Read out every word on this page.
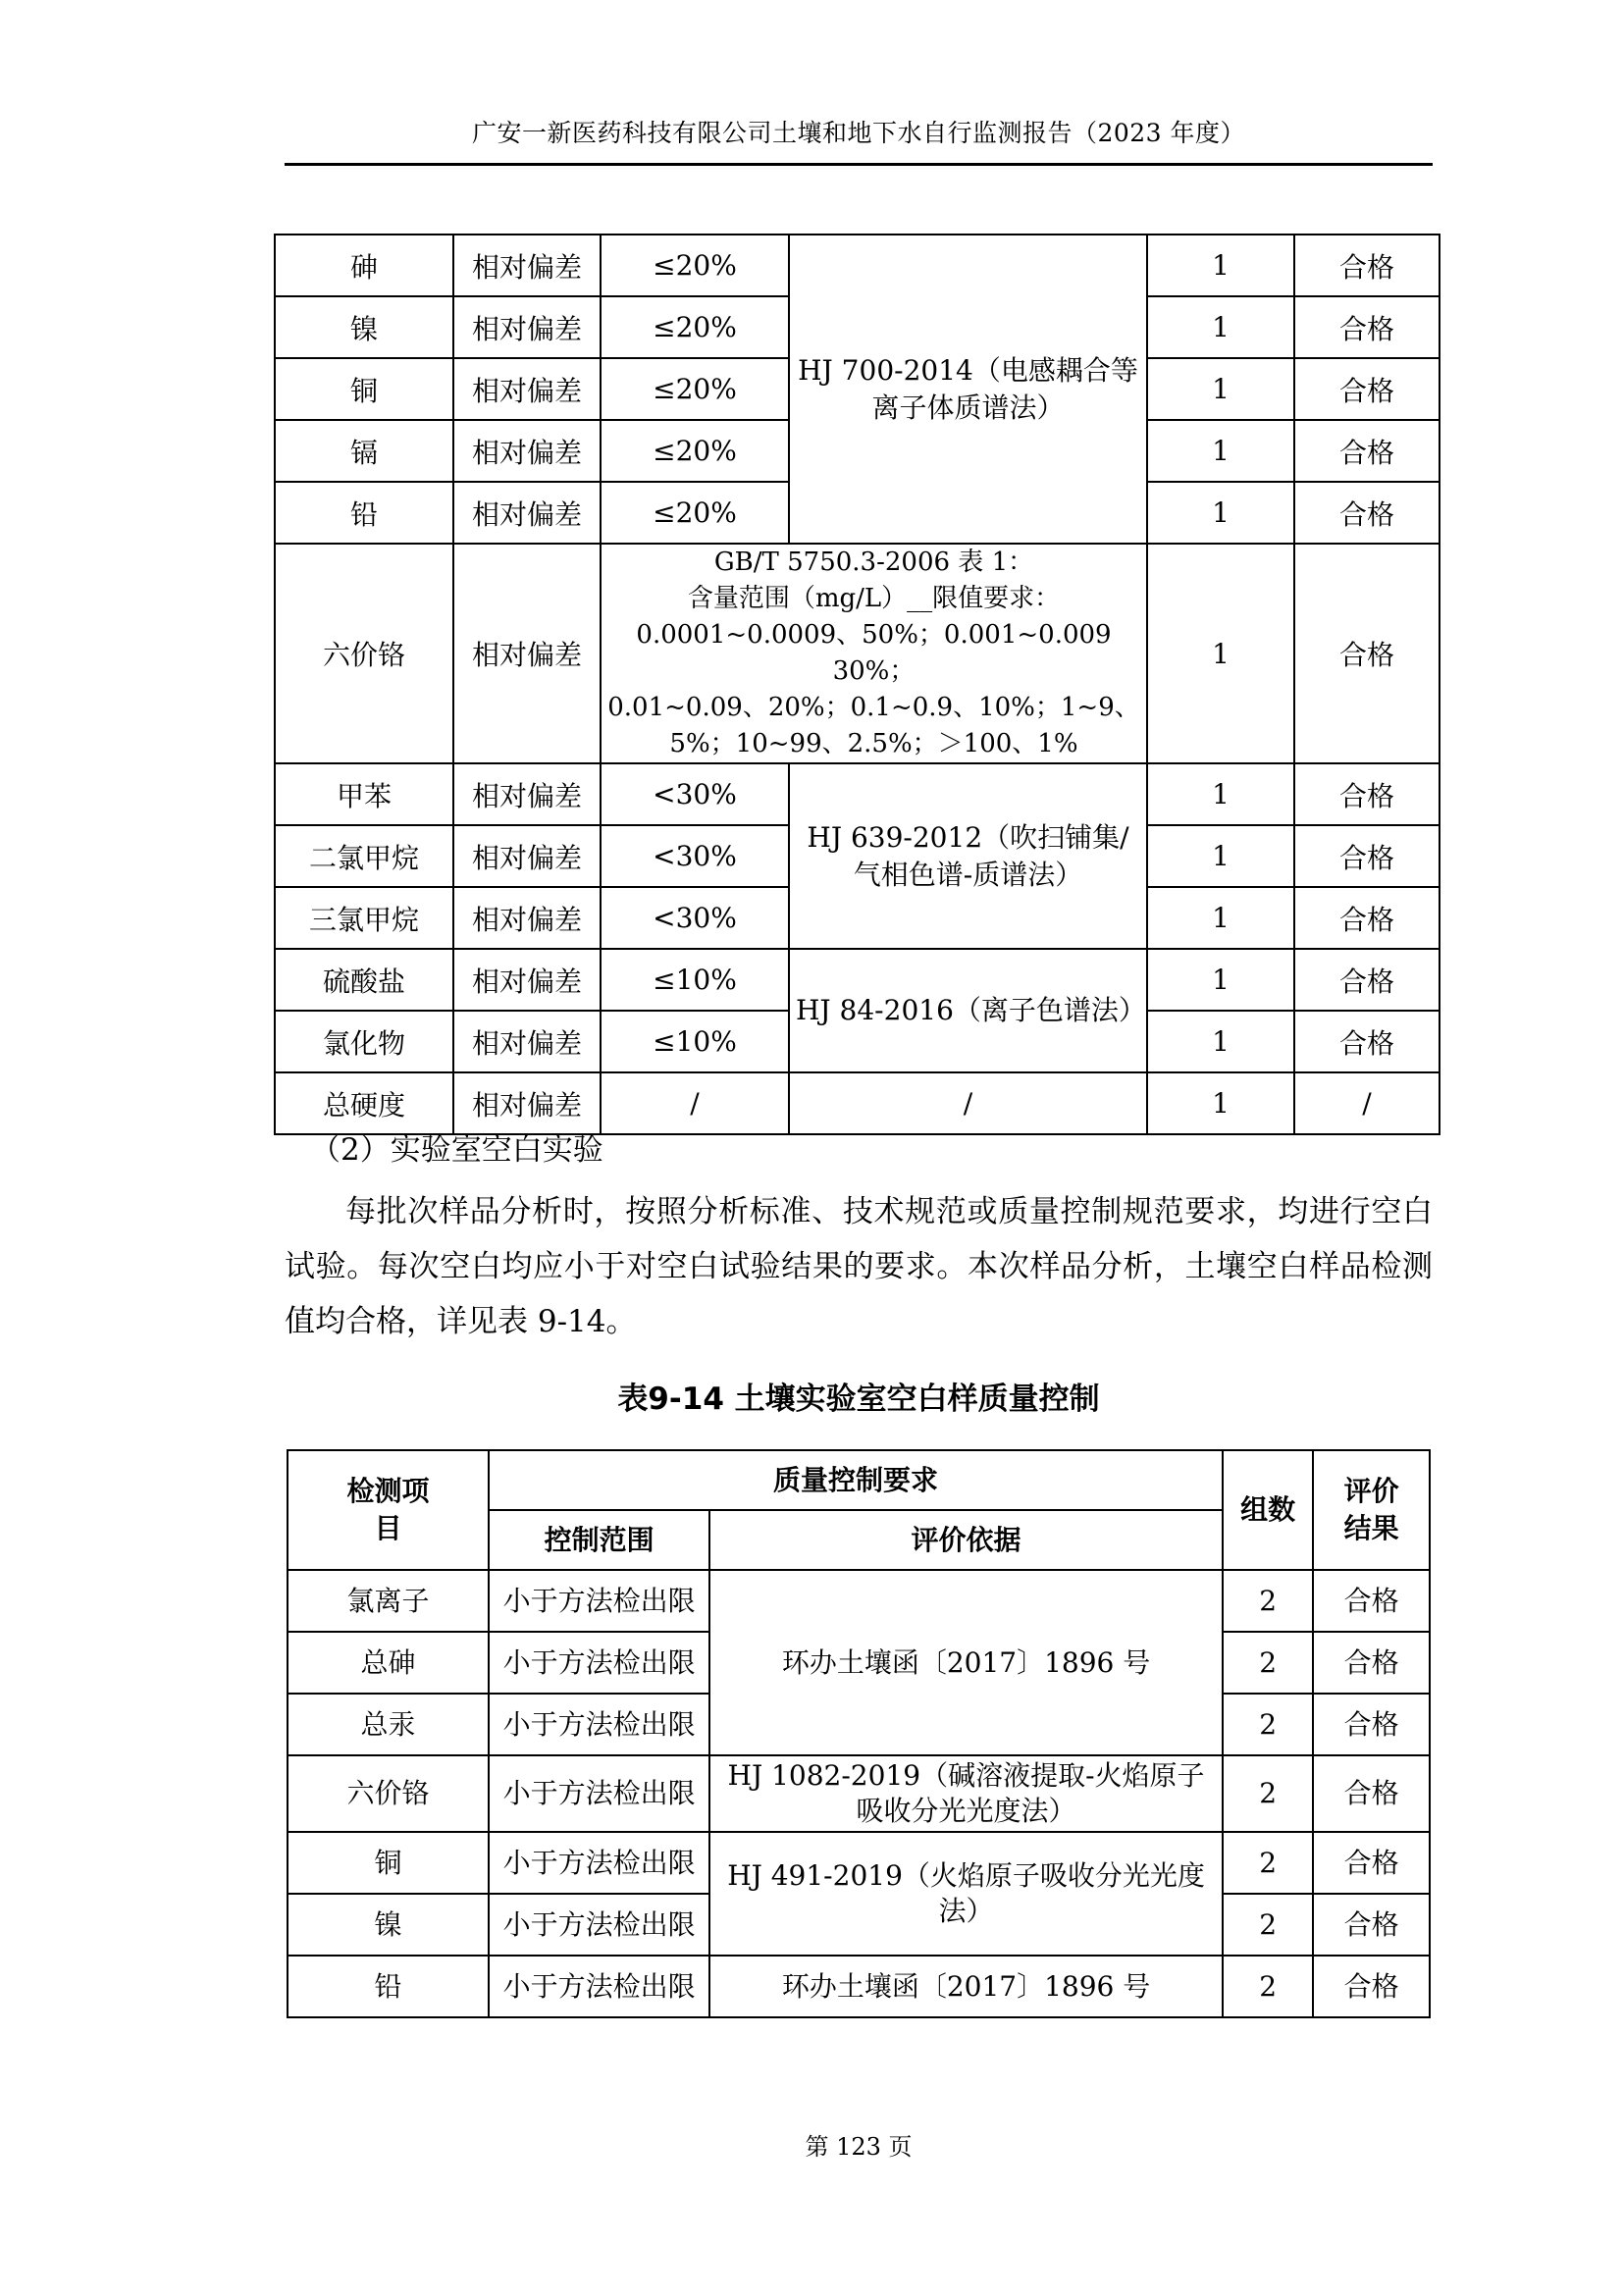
广安一新医药科技有限公司土壤和地下水自行监测报告（2023 年度）
砷	相对偏差	≤20%	HJ 700-2014（电感耦合等离子体质谱法）	1	合格
镍	相对偏差	≤20%		1	合格
铜	相对偏差	≤20%		1	合格
镉	相对偏差	≤20%		1	合格
铅	相对偏差	≤20%		1	合格
六价铬	相对偏差	GB/T 5750.3-2006 表 1：
含量范围（mg/L）__限值要求：
0.0001~0.0009、50%；0.001~0.009 30%；
0.01~0.09、20%；0.1~0.9、10%；1~9、
5%；10~99、2.5%；＞100、1%		1	合格
甲苯	相对偏差	<30%	HJ 639-2012（吹扫铺集/气相色谱-质谱法）	1	合格
二氯甲烷	相对偏差	<30%		1	合格
三氯甲烷	相对偏差	<30%		1	合格
硫酸盐	相对偏差	≤10%	HJ 84-2016（离子色谱法）	1	合格
氯化物	相对偏差	≤10%		1	合格
总硬度	相对偏差	/	/	1	/
（2）实验室空白实验
每批次样品分析时，按照分析标准、技术规范或质量控制规范要求，均进行空白试验。每次空白均应小于对空白试验结果的要求。本次样品分析，土壤空白样品检测值均合格，详见表 9-14。
表9-14 土壤实验室空白样质量控制
检测项目	质量控制要求		组数	评价结果

	控制范围	评价依据		
氯离子	小于方法检出限	环办土壤函〔2017〕1896 号	2	合格
总砷	小于方法检出限		2	合格
总汞	小于方法检出限		2	合格
六价铬	小于方法检出限	HJ 1082-2019（碱溶液提取-火焰原子吸收分光光度法）	2	合格
铜	小于方法检出限	HJ 491-2019（火焰原子吸收分光光度法）	2	合格
镍	小于方法检出限		2	合格
铅	小于方法检出限	环办土壤函〔2017〕1896 号	2	合格
第 123 页
